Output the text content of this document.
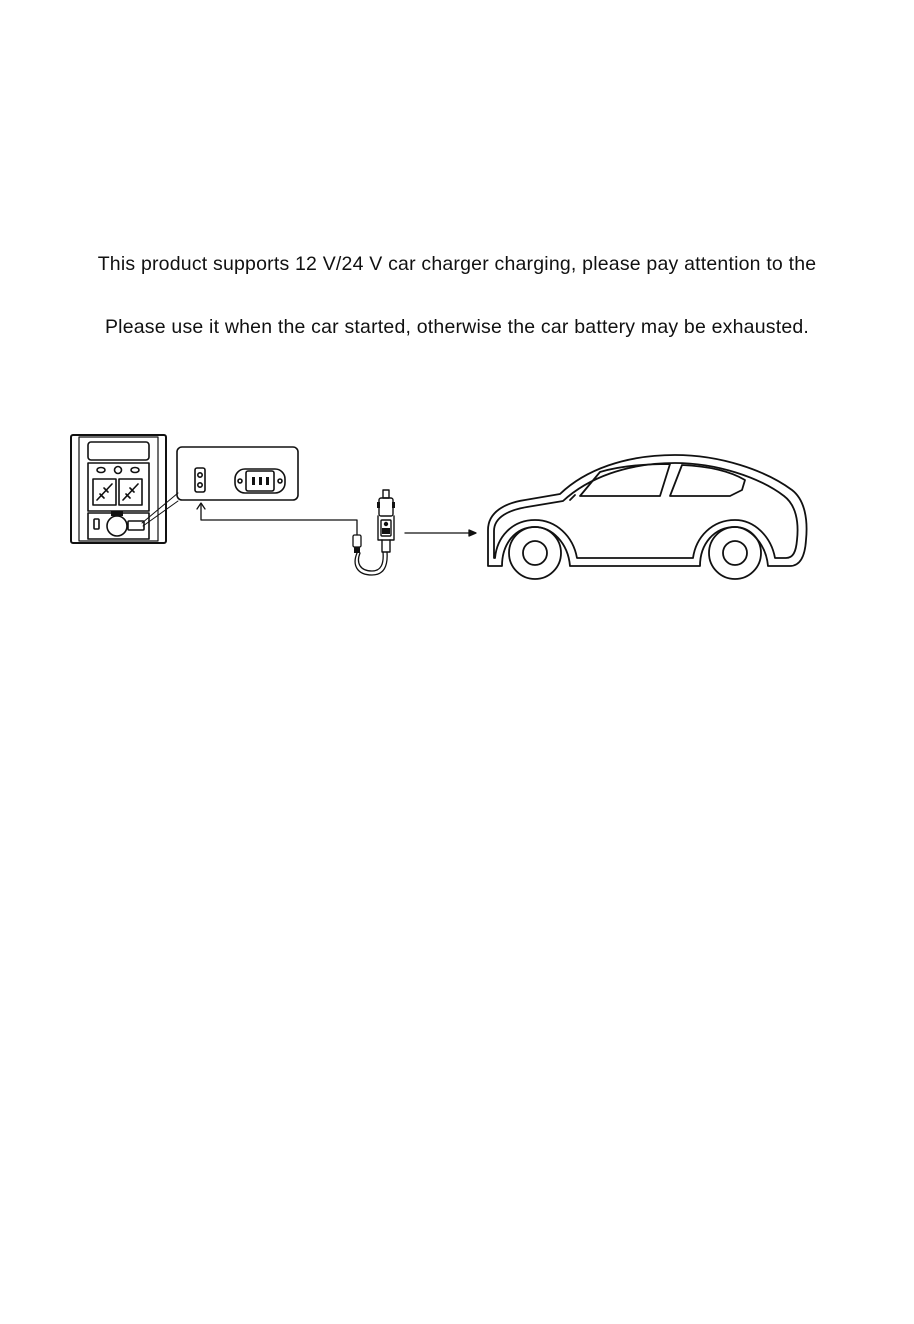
This product supports 12 V/24 V car charger charging, please pay attention to the
Please use it when the car started, otherwise the car battery may be exhausted.
